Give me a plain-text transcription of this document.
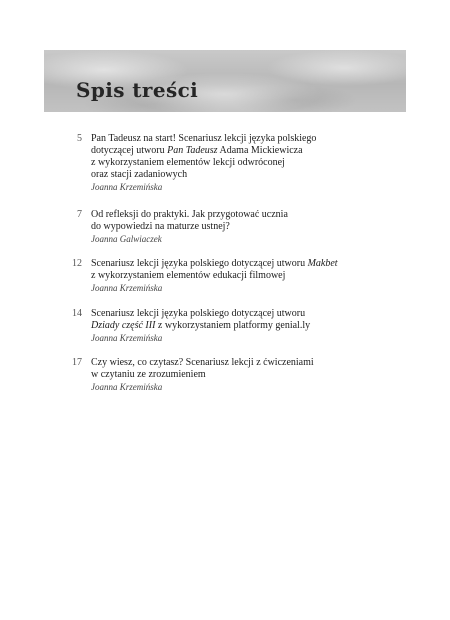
Spis treści
5 Pan Tadeusz na start! Scenariusz lekcji języka polskiego
dotyczącej utworu Pan Tadeusz Adama Mickiewicza
z wykorzystaniem elementów lekcji odwróconej
oraz stacji zadaniowych
Joanna Krzemińska
7 Od refleksji do praktyki. Jak przygotować ucznia
do wypowiedzi na maturze ustnej?
Joanna Galwiaczek
12 Scenariusz lekcji języka polskiego dotyczącej utworu Makbet
z wykorzystaniem elementów edukacji filmowej
Joanna Krzemińska
14 Scenariusz lekcji języka polskiego dotyczącej utworu
Dziady część III z wykorzystaniem platformy genial.ly
Joanna Krzemińska
17 Czy wiesz, co czytasz? Scenariusz lekcji z ćwiczeniami
w czytaniu ze zrozumieniem
Joanna Krzemińska
